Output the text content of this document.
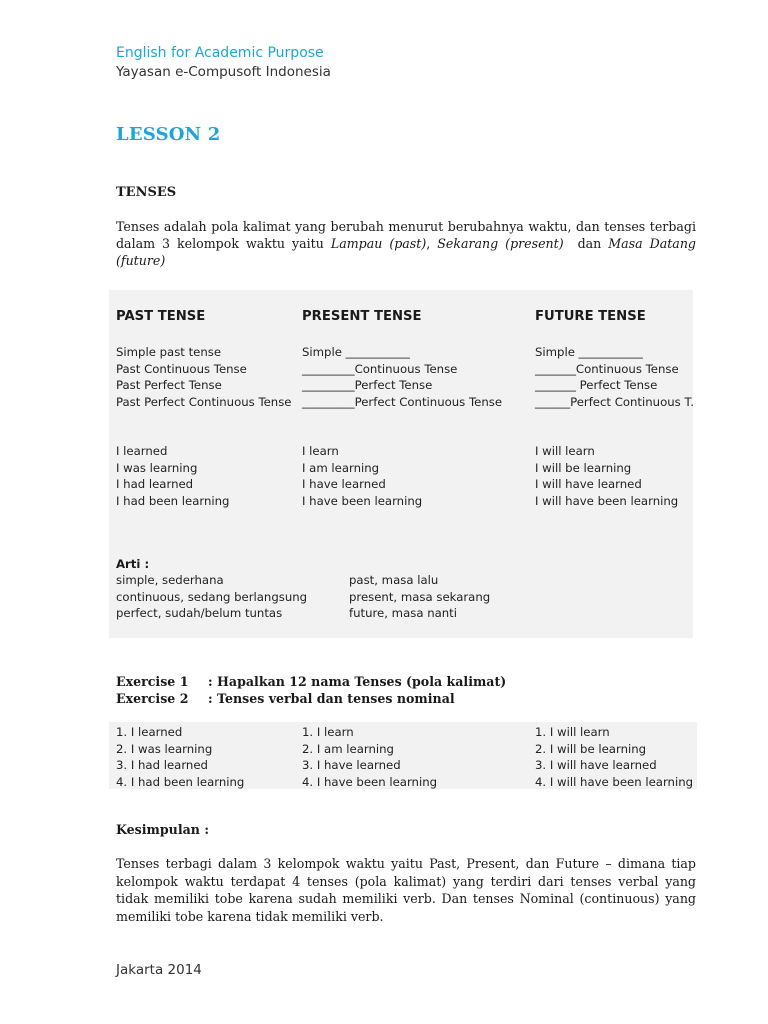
English for Academic Purpose
Yayasan e-Compusoft Indonesia
LESSON 2
TENSES
Tenses adalah pola kalimat yang berubah menurut berubahnya waktu, dan tenses terbagi dalam 3 kelompok waktu yaitu Lampau (past), Sekarang (present)  dan Masa Datang (future)
PAST TENSE	PRESENT TENSE	FUTURE TENSE
Simple past tense
Past Continuous Tense
Past Perfect Tense
Past Perfect Continuous Tense
Simple ___________
_________Continuous Tense
_________Perfect Tense
_________Perfect Continuous Tense
Simple ___________
_______Continuous Tense
_______ Perfect Tense
______Perfect Continuous T.
I learned
I was learning
I had learned
I had been learning
I learn
I am learning
I have learned
I have been learning
I will learn
I will be learning
I will have learned
I will have been learning
Arti :
simple, sederhana
continuous, sedang berlangsung
perfect, sudah/belum tuntas
past, masa lalu
present, masa sekarang
future, masa nanti
Exercise 1 : Hapalkan 12 nama Tenses (pola kalimat)
Exercise 2 : Tenses verbal dan tenses nominal
1. I learned
2. I was learning
3. I had learned
4. I had been learning
1. I learn
2. I am learning
3. I have learned
4. I have been learning
1. I will learn
2. I will be learning
3. I will have learned
4. I will have been learning
Kesimpulan :
Tenses terbagi dalam 3 kelompok waktu yaitu Past, Present, dan Future – dimana tiap kelompok waktu terdapat 4 tenses (pola kalimat) yang terdiri dari tenses verbal yang tidak memiliki tobe karena sudah memiliki verb. Dan tenses Nominal (continuous) yang memiliki tobe karena tidak memiliki verb.
Jakarta 2014
